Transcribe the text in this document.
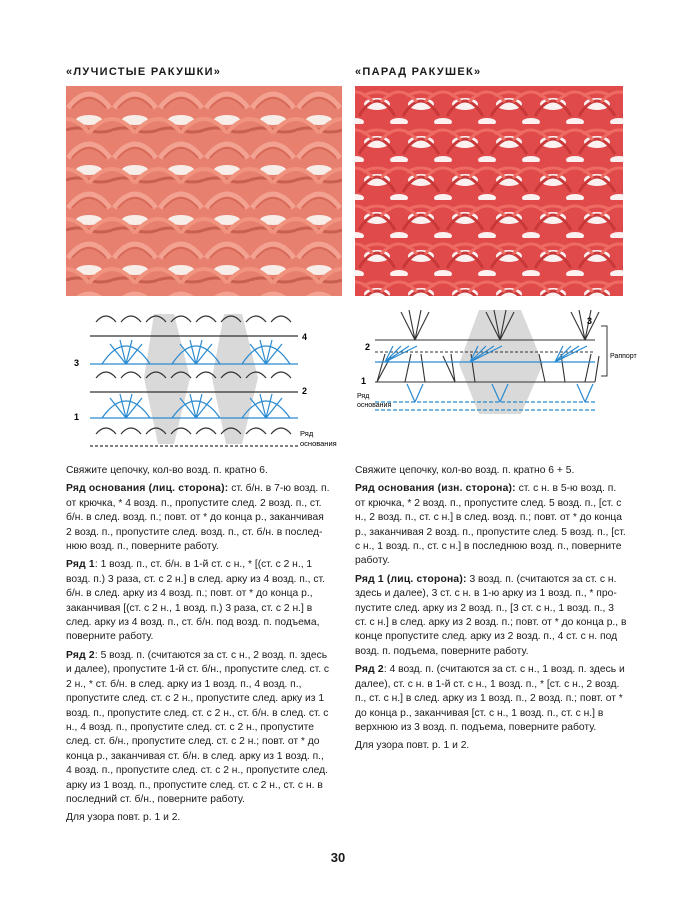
«ЛУЧИСТЫЕ РАКУШКИ»
4
3
2
1
Ряд
основания

Свяжите цепочку, кол-во возд. п. кратно 6.

Ряд основания (лиц. сторона): ст. б/н. в 7-ю возд. п. от крючка, * 4 возд. п., пропустите след. 2 возд. п., ст. б/н. в след. возд. п.; повт. от * до конца р., заканчивая 2 возд. п., пропустите след. возд. п., ст. б/н. в последнюю возд. п., поверните работу.

Ряд 1: 1 возд. п., ст. б/н. в 1-й ст. с н., * [(ст. с 2 н., 1 возд. п.) 3 раза, ст. с 2 н.] в след. арку из 4 возд. п., ст. б/н. в след. арку из 4 возд. п.; повт. от * до конца р., заканчивая [(ст. с 2 н., 1 возд. п.) 3 раза, ст. с 2 н.] в след. арку из 4 возд. п., ст. б/н. под возд. п. подъема, поверните работу.

Ряд 2: 5 возд. п. (считаются за ст. с н., 2 возд. п. здесь и далее), пропустите 1-й ст. б/н., пропустите след. ст. с 2 н., * ст. б/н. в след. арку из 1 возд. п., 4 возд. п., пропустите след. ст. с 2 н., пропустите след. арку из 1 возд. п., пропустите след. ст. с 2 н., ст. б/н. в след. ст. с н., 4 возд. п., пропустите след. ст. с 2 н., пропустите след. ст. б/н., пропустите след. ст. с 2 н.; повт. от * до конца р., заканчивая ст. б/н. в след. арку из 1 возд. п., 4 возд. п., пропустите след. ст. с 2 н., пропустите след. арку из 1 возд. п., пропустите след. ст. с 2 н., ст. с н. в последний ст. б/н., поверните работу.

Для узора повт. р. 1 и 2.

«ПАРАД РАКУШЕК»
3
2
1
Ряд
основания
Раппорт

Свяжите цепочку, кол-во возд. п. кратно 6 + 5.

Ряд основания (изн. сторона): ст. с н. в 5-ю возд. п. от крючка, * 2 возд. п., пропустите след. 5 возд. п., [ст. с н., 2 возд. п., ст. с н.] в след. возд. п.; повт. от * до конца р., заканчивая 2 возд. п., пропустите след. 5 возд. п., [ст. с н., 1 возд. п., ст. с н.] в последнюю возд. п., поверните работу.

Ряд 1 (лиц. сторона): 3 возд. п. (считаются за ст. с н. здесь и далее), 3 ст. с н. в 1-ю арку из 1 возд. п., * пропустите след. арку из 2 возд. п., [3 ст. с н., 1 возд. п., 3 ст. с н.] в след. арку из 2 возд. п.; повт. от * до конца р., в конце пропустите след. арку из 2 возд. п., 4 ст. с н. под возд. п. подъема, поверните работу.

Ряд 2: 4 возд. п. (считаются за ст. с н., 1 возд. п. здесь и далее), ст. с н. в 1-й ст. с н., 1 возд. п., * [ст. с н., 2 возд. п., ст. с н.] в след. арку из 1 возд. п., 2 возд. п.; повт. от * до конца р., заканчивая [ст. с н., 1 возд. п., ст. с н.] в верхнюю из 3 возд. п. подъема, поверните работу.

Для узора повт. р. 1 и 2.

30
